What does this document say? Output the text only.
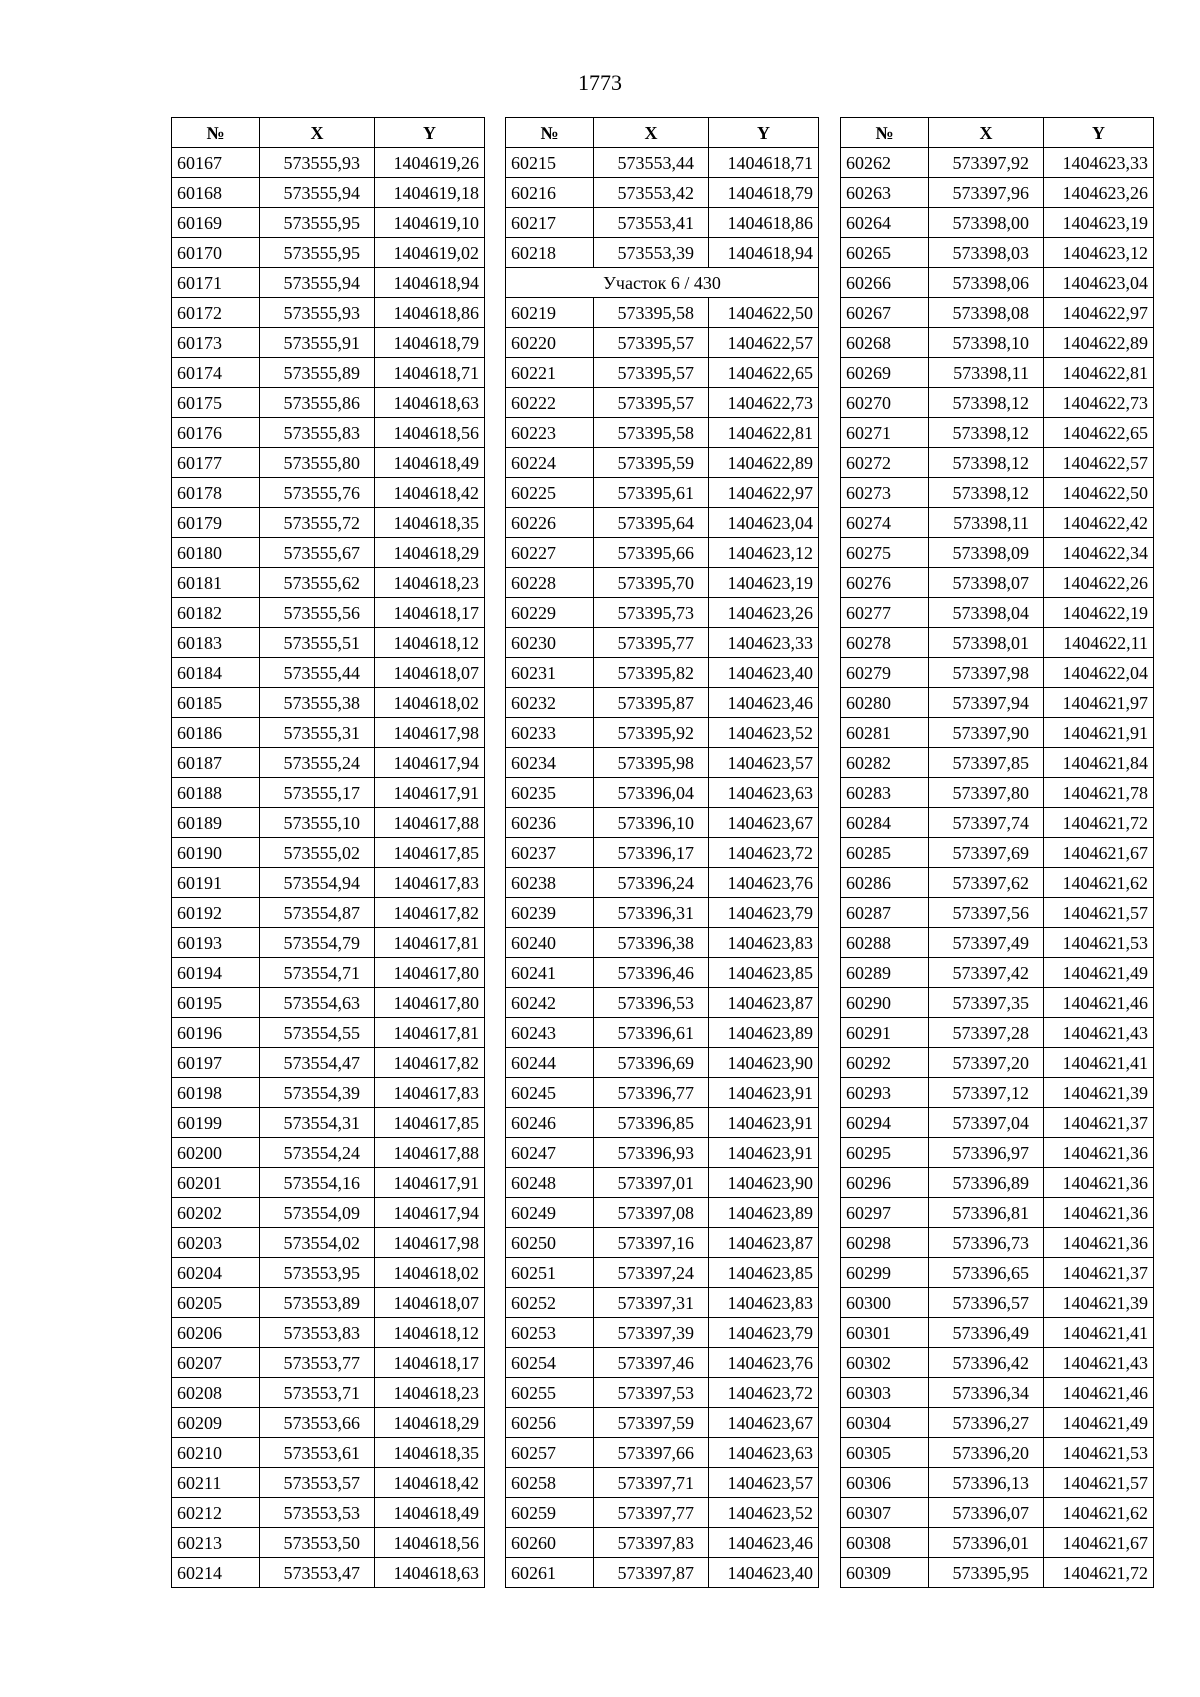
1773
№	X	Y
60167	573555,93	1404619,26
60168	573555,94	1404619,18
60169	573555,95	1404619,10
60170	573555,95	1404619,02
60171	573555,94	1404618,94
60172	573555,93	1404618,86
60173	573555,91	1404618,79
60174	573555,89	1404618,71
60175	573555,86	1404618,63
60176	573555,83	1404618,56
60177	573555,80	1404618,49
60178	573555,76	1404618,42
60179	573555,72	1404618,35
60180	573555,67	1404618,29
60181	573555,62	1404618,23
60182	573555,56	1404618,17
60183	573555,51	1404618,12
60184	573555,44	1404618,07
60185	573555,38	1404618,02
60186	573555,31	1404617,98
60187	573555,24	1404617,94
60188	573555,17	1404617,91
60189	573555,10	1404617,88
60190	573555,02	1404617,85
60191	573554,94	1404617,83
60192	573554,87	1404617,82
60193	573554,79	1404617,81
60194	573554,71	1404617,80
60195	573554,63	1404617,80
60196	573554,55	1404617,81
60197	573554,47	1404617,82
60198	573554,39	1404617,83
60199	573554,31	1404617,85
60200	573554,24	1404617,88
60201	573554,16	1404617,91
60202	573554,09	1404617,94
60203	573554,02	1404617,98
60204	573553,95	1404618,02
60205	573553,89	1404618,07
60206	573553,83	1404618,12
60207	573553,77	1404618,17
60208	573553,71	1404618,23
60209	573553,66	1404618,29
60210	573553,61	1404618,35
60211	573553,57	1404618,42
60212	573553,53	1404618,49
60213	573553,50	1404618,56
60214	573553,47	1404618,63
№	X	Y
60215	573553,44	1404618,71
60216	573553,42	1404618,79
60217	573553,41	1404618,86
60218	573553,39	1404618,94
Участок 6 / 430		
60219	573395,58	1404622,50
60220	573395,57	1404622,57
60221	573395,57	1404622,65
60222	573395,57	1404622,73
60223	573395,58	1404622,81
60224	573395,59	1404622,89
60225	573395,61	1404622,97
60226	573395,64	1404623,04
60227	573395,66	1404623,12
60228	573395,70	1404623,19
60229	573395,73	1404623,26
60230	573395,77	1404623,33
60231	573395,82	1404623,40
60232	573395,87	1404623,46
60233	573395,92	1404623,52
60234	573395,98	1404623,57
60235	573396,04	1404623,63
60236	573396,10	1404623,67
60237	573396,17	1404623,72
60238	573396,24	1404623,76
60239	573396,31	1404623,79
60240	573396,38	1404623,83
60241	573396,46	1404623,85
60242	573396,53	1404623,87
60243	573396,61	1404623,89
60244	573396,69	1404623,90
60245	573396,77	1404623,91
60246	573396,85	1404623,91
60247	573396,93	1404623,91
60248	573397,01	1404623,90
60249	573397,08	1404623,89
60250	573397,16	1404623,87
60251	573397,24	1404623,85
60252	573397,31	1404623,83
60253	573397,39	1404623,79
60254	573397,46	1404623,76
60255	573397,53	1404623,72
60256	573397,59	1404623,67
60257	573397,66	1404623,63
60258	573397,71	1404623,57
60259	573397,77	1404623,52
60260	573397,83	1404623,46
60261	573397,87	1404623,40
№	X	Y
60262	573397,92	1404623,33
60263	573397,96	1404623,26
60264	573398,00	1404623,19
60265	573398,03	1404623,12
60266	573398,06	1404623,04
60267	573398,08	1404622,97
60268	573398,10	1404622,89
60269	573398,11	1404622,81
60270	573398,12	1404622,73
60271	573398,12	1404622,65
60272	573398,12	1404622,57
60273	573398,12	1404622,50
60274	573398,11	1404622,42
60275	573398,09	1404622,34
60276	573398,07	1404622,26
60277	573398,04	1404622,19
60278	573398,01	1404622,11
60279	573397,98	1404622,04
60280	573397,94	1404621,97
60281	573397,90	1404621,91
60282	573397,85	1404621,84
60283	573397,80	1404621,78
60284	573397,74	1404621,72
60285	573397,69	1404621,67
60286	573397,62	1404621,62
60287	573397,56	1404621,57
60288	573397,49	1404621,53
60289	573397,42	1404621,49
60290	573397,35	1404621,46
60291	573397,28	1404621,43
60292	573397,20	1404621,41
60293	573397,12	1404621,39
60294	573397,04	1404621,37
60295	573396,97	1404621,36
60296	573396,89	1404621,36
60297	573396,81	1404621,36
60298	573396,73	1404621,36
60299	573396,65	1404621,37
60300	573396,57	1404621,39
60301	573396,49	1404621,41
60302	573396,42	1404621,43
60303	573396,34	1404621,46
60304	573396,27	1404621,49
60305	573396,20	1404621,53
60306	573396,13	1404621,57
60307	573396,07	1404621,62
60308	573396,01	1404621,67
60309	573395,95	1404621,72
